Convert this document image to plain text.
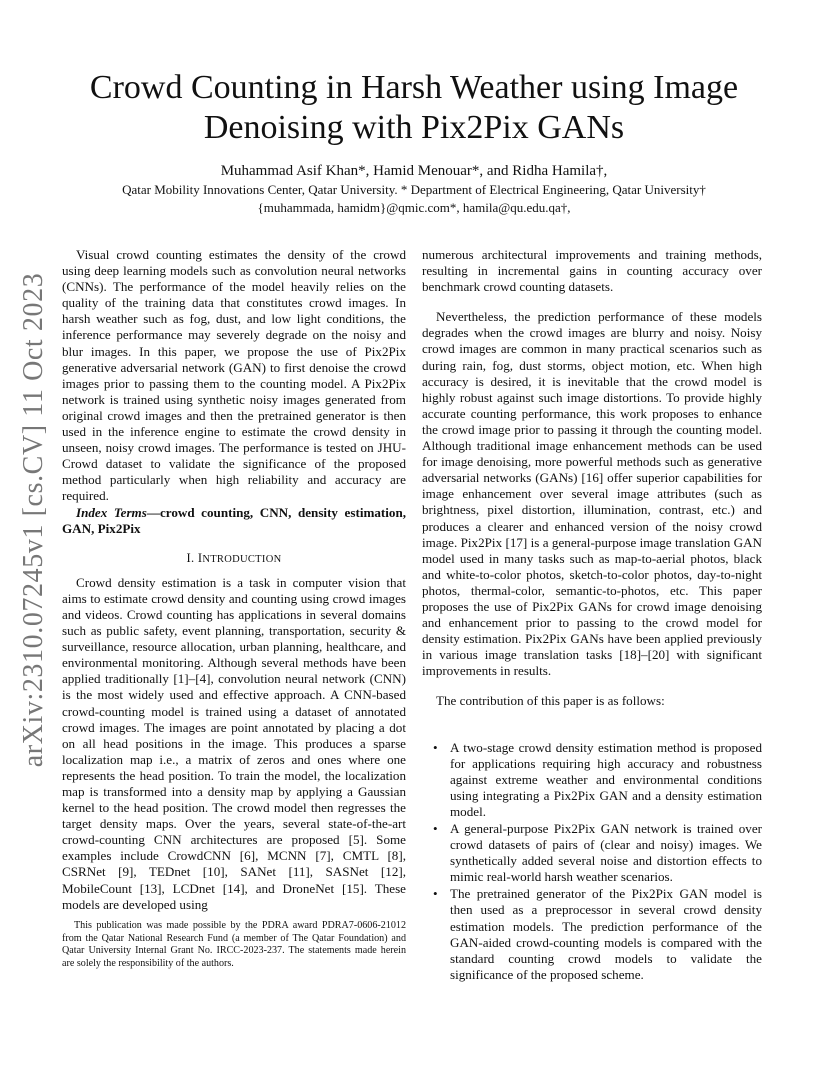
arXiv:2310.07245v1 [cs.CV] 11 Oct 2023
Crowd Counting in Harsh Weather using Image Denoising with Pix2Pix GANs
Muhammad Asif Khan*, Hamid Menouar*, and Ridha Hamila†,
Qatar Mobility Innovations Center, Qatar University. * Department of Electrical Engineering, Qatar University†
{muhammada, hamidm}@qmic.com*, hamila@qu.edu.qa†,

Visual crowd counting estimates the density of the crowd using deep learning models such as convolution neural networks (CNNs). The performance of the model heavily relies on the quality of the training data that constitutes crowd images. In harsh weather such as fog, dust, and low light conditions, the inference performance may severely degrade on the noisy and blur images. In this paper, we propose the use of Pix2Pix generative adversarial network (GAN) to first denoise the crowd images prior to passing them to the counting model. A Pix2Pix network is trained using synthetic noisy images generated from original crowd images and then the pretrained generator is then used in the inference engine to estimate the crowd density in unseen, noisy crowd images. The performance is tested on JHU-Crowd dataset to validate the significance of the proposed method particularly when high reliability and accuracy are required.

Index Terms—crowd counting, CNN, density estimation, GAN, Pix2Pix

I. INTRODUCTION

Crowd density estimation is a task in computer vision that aims to estimate crowd density and counting using crowd images and videos. Crowd counting has applications in several domains such as public safety, event planning, transportation, security & surveillance, resource allocation, urban planning, healthcare, and environmental monitoring. Although several methods have been applied traditionally [1]–[4], convolution neural network (CNN) is the most widely used and effective approach. A CNN-based crowd-counting model is trained using a dataset of annotated crowd images. The images are point annotated by placing a dot on all head positions in the image. This produces a sparse localization map i.e., a matrix of zeros and ones where one represents the head position. To train the model, the localization map is transformed into a density map by applying a Gaussian kernel to the head position. The crowd model then regresses the target density maps. Over the years, several state-of-the-art crowd-counting CNN architectures are proposed [5]. Some examples include CrowdCNN [6], MCNN [7], CMTL [8], CSRNet [9], TEDnet [10], SANet [11], SASNet [12], MobileCount [13], LCDnet [14], and DroneNet [15]. These models are developed using

This publication was made possible by the PDRA award PDRA7-0606-21012 from the Qatar National Research Fund (a member of The Qatar Foundation) and Qatar University Internal Grant No. IRCC-2023-237. The statements made herein are solely the responsibility of the authors.

numerous architectural improvements and training methods, resulting in incremental gains in counting accuracy over benchmark crowd counting datasets.

Nevertheless, the prediction performance of these models degrades when the crowd images are blurry and noisy. Noisy crowd images are common in many practical scenarios such as during rain, fog, dust storms, object motion, etc. When high accuracy is desired, it is inevitable that the crowd model is highly robust against such image distortions. To provide highly accurate counting performance, this work proposes to enhance the crowd image prior to passing it through the counting model. Although traditional image enhancement methods can be used for image denoising, more powerful methods such as generative adversarial networks (GANs) [16] offer superior capabilities for image enhancement over several image attributes (such as brightness, pixel distortion, illumination, contrast, etc.) and produces a clearer and enhanced version of the noisy crowd image. Pix2Pix [17] is a general-purpose image translation GAN model used in many tasks such as map-to-aerial photos, black and white-to-color photos, sketch-to-color photos, day-to-night photos, thermal-color, semantic-to-photos, etc. This paper proposes the use of Pix2Pix GANs for crowd image denoising and enhancement prior to passing to the crowd model for density estimation. Pix2Pix GANs have been applied previously in various image translation tasks [18]–[20] with significant improvements in results.

The contribution of this paper is as follows:

• A two-stage crowd density estimation method is proposed for applications requiring high accuracy and robustness against extreme weather and environmental conditions using integrating a Pix2Pix GAN and a density estimation model.
• A general-purpose Pix2Pix GAN network is trained over crowd datasets of pairs of (clear and noisy) images. We synthetically added several noise and distortion effects to mimic real-world harsh weather scenarios.
• The pretrained generator of the Pix2Pix GAN model is then used as a preprocessor in several crowd density estimation models. The prediction performance of the GAN-aided crowd-counting models is compared with the standard counting crowd models to validate the significance of the proposed scheme.
